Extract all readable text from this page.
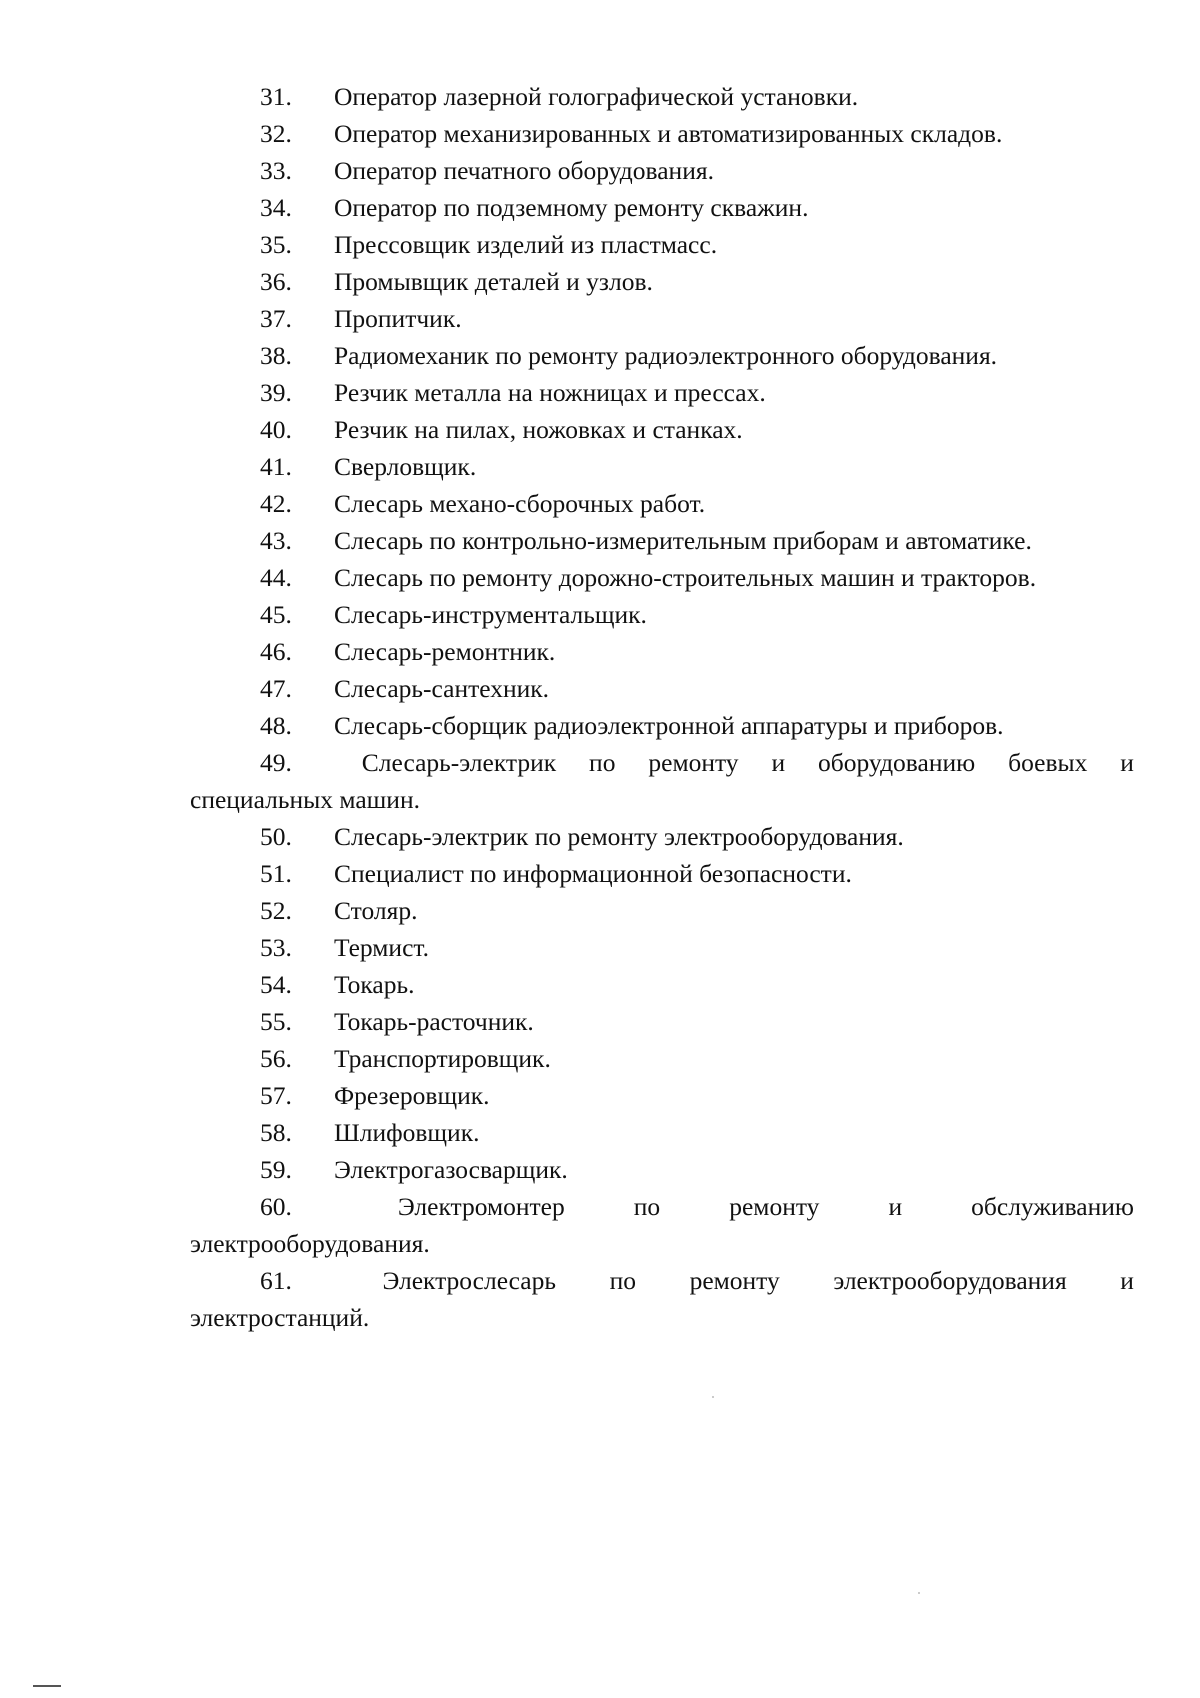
31. Оператор лазерной голографической установки.

32. Оператор механизированных и автоматизированных складов.

33. Оператор печатного оборудования.

34. Оператор по подземному ремонту скважин.

35. Прессовщик изделий из пластмасс.

36. Промывщик деталей и узлов.

37. Пропитчик.

38. Радиомеханик по ремонту радиоэлектронного оборудования.

39. Резчик металла на ножницах и прессах.

40. Резчик на пилах, ножовках и станках.

41. Сверловщик.

42. Слесарь механо-сборочных работ.

43. Слесарь по контрольно-измерительным приборам и автоматике.

44. Слесарь по ремонту дорожно-строительных машин и тракторов.

45. Слесарь-инструментальщик.

46. Слесарь-ремонтник.

47. Слесарь-сантехник.

48. Слесарь-сборщик радиоэлектронной аппаратуры и приборов.

49.	Слесарь-электрик по ремонту и оборудованию боевых и
специальных машин.

50. Слесарь-электрик по ремонту электрооборудования.

51. Специалист по информационной безопасности.

52. Столяр.

53. Термист.

54. Токарь.

55. Токарь-расточник.

56. Транспортировщик.

57. Фрезеровщик.

58. Шлифовщик.

59. Электрогазосварщик.

60.	Электромонтер	по	ремонту	и	обслуживанию
электрооборудования.
61.	Электрослесарь по ремонту электрооборудования и
электростанций.
